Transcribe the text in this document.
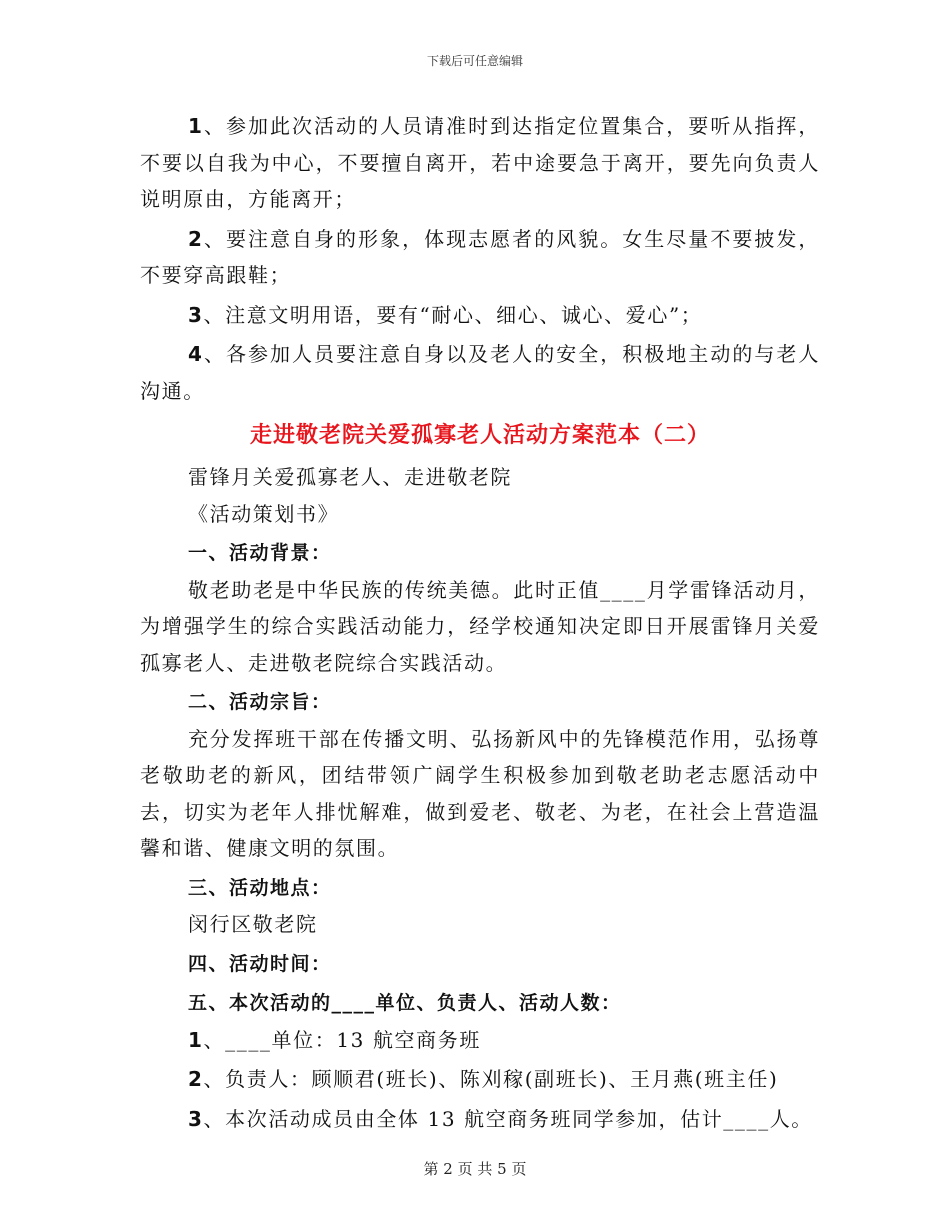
下载后可任意编辑

1、参加此次活动的人员请准时到达指定位置集合，要听从指挥，不要以自我为中心，不要擅自离开，若中途要急于离开，要先向负责人说明原由，方能离开；

2、要注意自身的形象，体现志愿者的风貌。女生尽量不要披发，不要穿高跟鞋；

3、注意文明用语，要有“耐心、细心、诚心、爱心”；

4、各参加人员要注意自身以及老人的安全，积极地主动的与老人沟通。

走进敬老院关爱孤寡老人活动方案范本（二）

雷锋月关爱孤寡老人、走进敬老院

《活动策划书》

一、活动背景：

敬老助老是中华民族的传统美德。此时正值____月学雷锋活动月，为增强学生的综合实践活动能力，经学校通知决定即日开展雷锋月关爱孤寡老人、走进敬老院综合实践活动。

二、活动宗旨：

充分发挥班干部在传播文明、弘扬新风中的先锋模范作用，弘扬尊老敬助老的新风，团结带领广阔学生积极参加到敬老助老志愿活动中去，切实为老年人排忧解难，做到爱老、敬老、为老，在社会上营造温馨和谐、健康文明的氛围。

三、活动地点：

闵行区敬老院

四、活动时间：
五、本次活动的____单位、负责人、活动人数：

1、____单位：13 航空商务班

2、负责人：顾顺君(班长)、陈刈稼(副班长)、王月燕(班主任)

3、本次活动成员由全体 13 航空商务班同学参加，估计____人。

第 2 页 共 5 页
